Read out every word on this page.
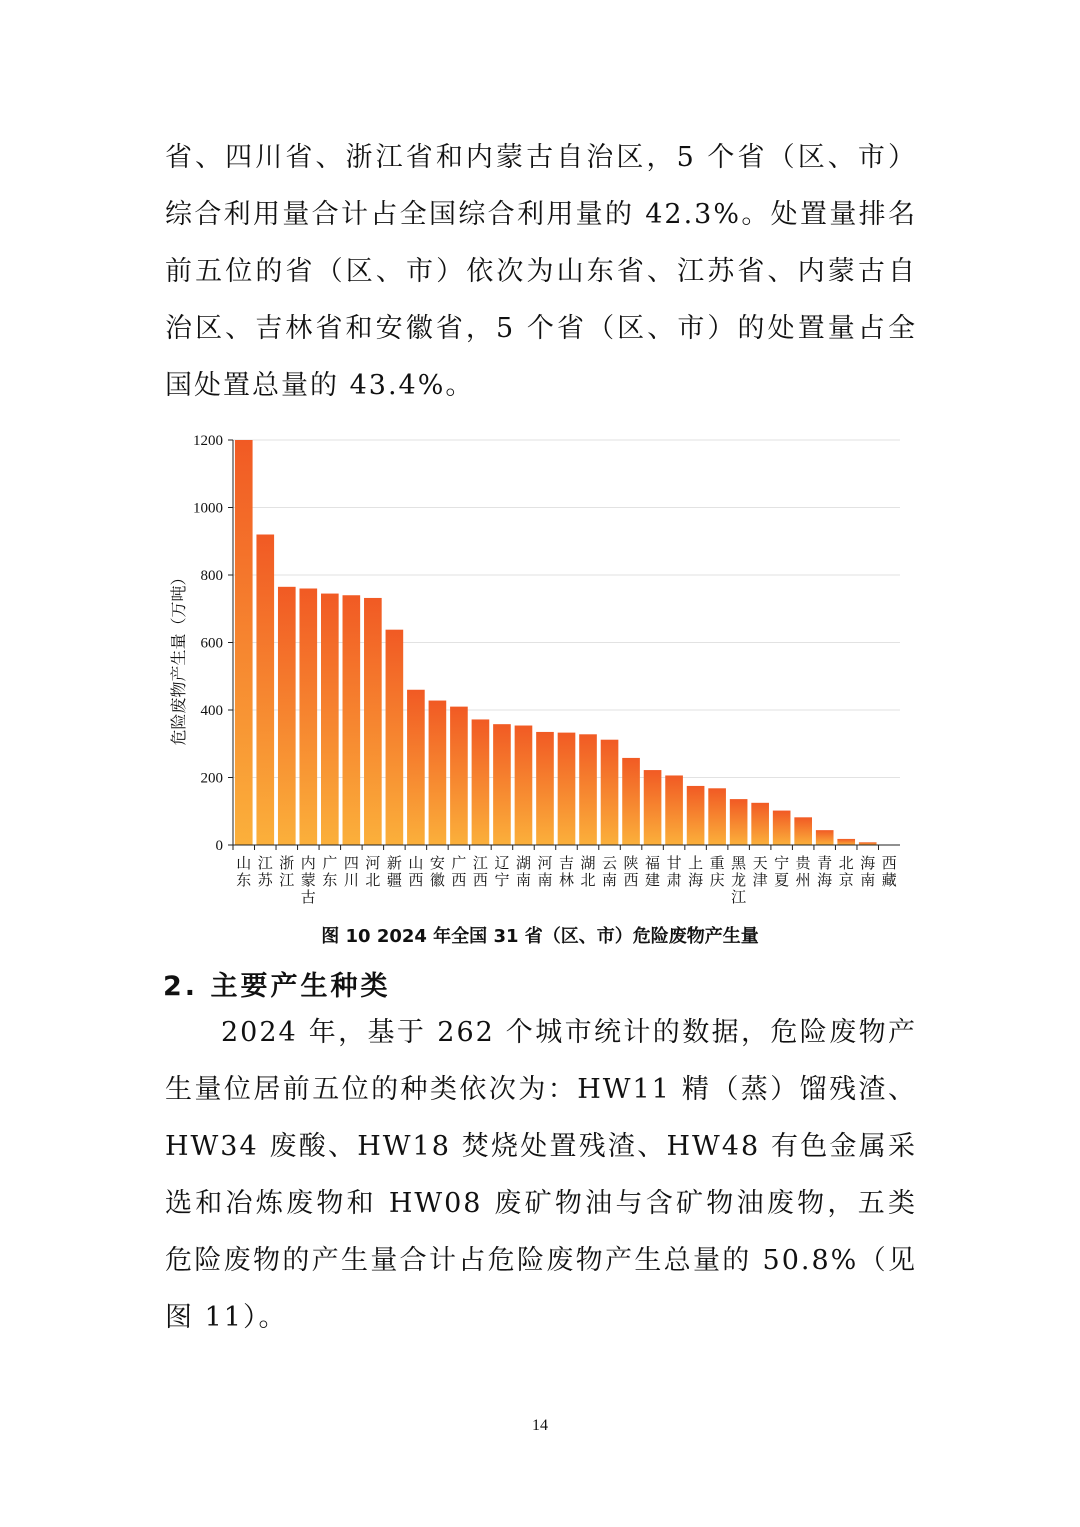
省、四川省、浙江省和内蒙古自治区，5 个省（区、市）综合利用量合计占全国综合利用量的 42.3%。处置量排名前五位的省（区、市）依次为山东省、江苏省、内蒙古自治区、吉林省和安徽省，5 个省（区、市）的处置量占全国处置总量的 43.4%。

0
200
400
600
800
1000
1200
山东
江苏
浙江
内蒙古
广东
四川
河北
新疆
山西
安徽
广西
江西
辽宁
湖南
河南
吉林
湖北
云南
陕西
福建
甘肃
上海
重庆
黑龙江
天津
宁夏
贵州
青海
北京
海南
西藏
危险废物产生量（万吨）
图 10 2024 年全国 31 省（区、市）危险废物产生量
2. 主要产生种类

2024 年，基于 262 个城市统计的数据，危险废物产生量位居前五位的种类依次为：HW11 精（蒸）馏残渣、HW34 废酸、HW18 焚烧处置残渣、HW48 有色金属采选和冶炼废物和 HW08 废矿物油与含矿物油废物，五类危险废物的产生量合计占危险废物产生总量的 50.8%（见图 11）。

14
